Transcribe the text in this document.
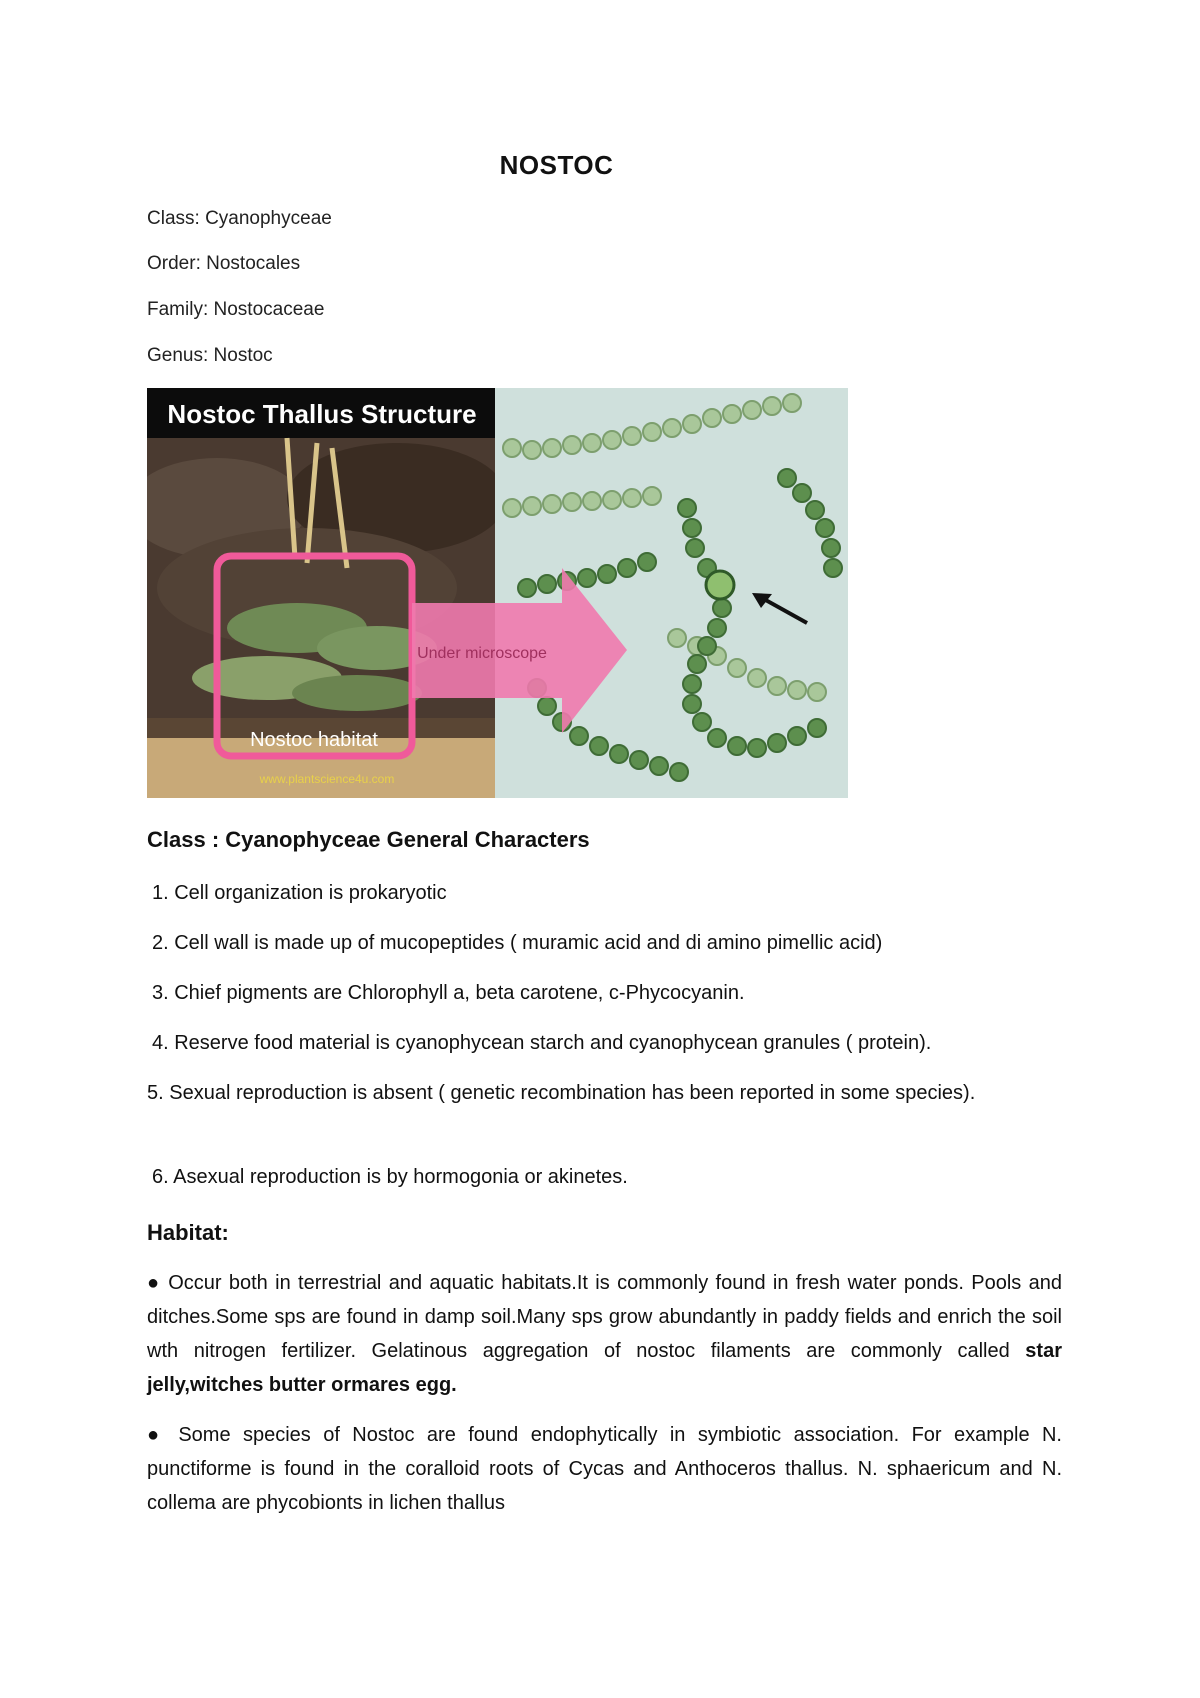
NOSTOC
Class: Cyanophyceae
Order: Nostocales
Family: Nostocaceae
Genus: Nostoc
Nostoc Thallus Structure
Nostoc habitat
www.plantscience4u.com
Under microscope
Class : Cyanophyceae General Characters
1. Cell organization is prokaryotic
2. Cell wall is made up of mucopeptides ( muramic acid and di amino pimellic acid)
3. Chief pigments are Chlorophyll a, beta carotene, c-Phycocyanin.
4. Reserve food material is cyanophycean starch and cyanophycean granules ( protein).
5. Sexual reproduction is absent ( genetic recombination has been reported in some species).
6. Asexual reproduction is by hormogonia or akinetes.
Habitat:
● Occur both in terrestrial and aquatic habitats.It is commonly found in fresh water ponds. Pools and ditches.Some sps are found in damp soil.Many sps grow abundantly in paddy fields and enrich the soil wth nitrogen fertilizer. Gelatinous aggregation of nostoc filaments are commonly called star jelly,witches butter ormares egg.
● Some species of Nostoc are found endophytically in symbiotic association. For example N. punctiforme is found in the coralloid roots of Cycas and Anthoceros thallus. N. sphaericum and N. collema are phycobionts in lichen thallus
